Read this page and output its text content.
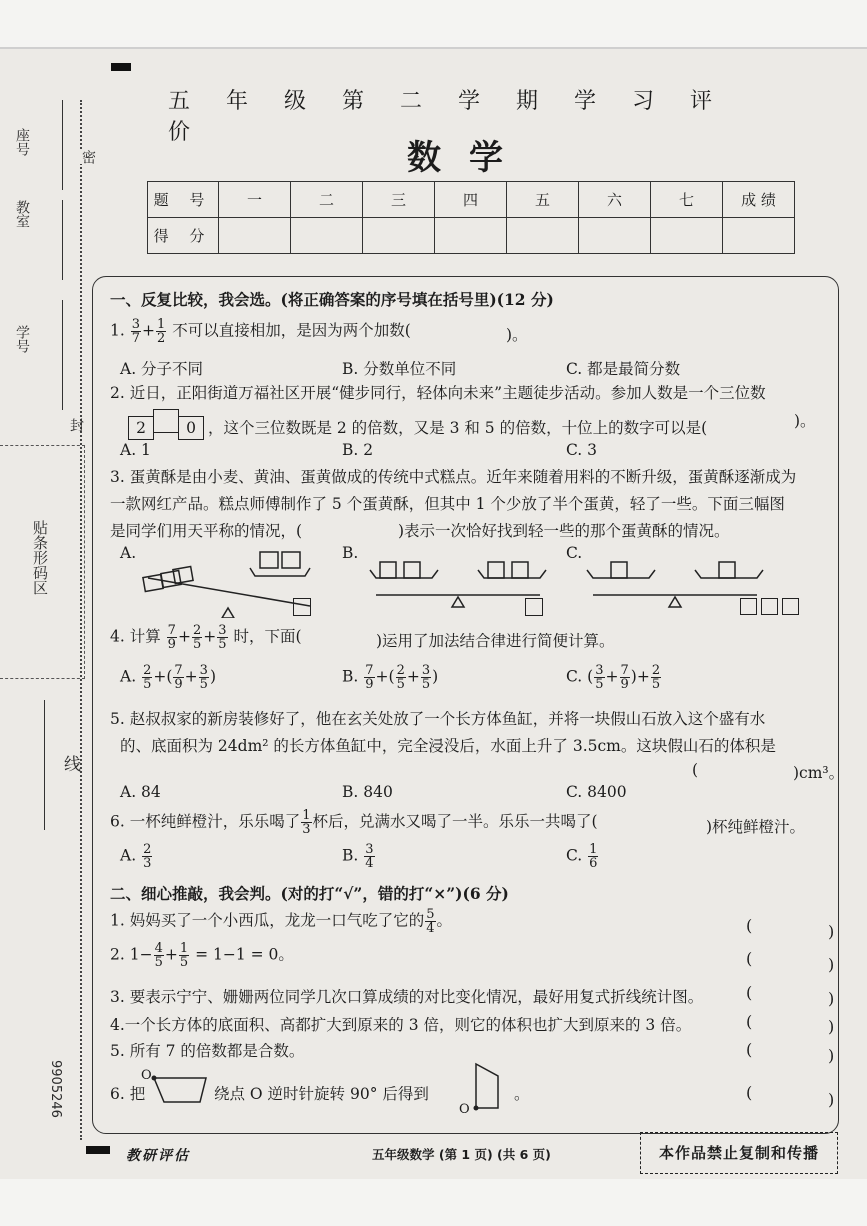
座号
教室
学号
密
封
线
贴条形码区
9905246
五年级第二学期学习评价
数学
题 号	一	二	三	四	五	六	七	成 绩
得 分								
一、反复比较，我会选。(将正确答案的序号填在括号里)(12 分)
1. $\frac{3}{7} + \frac{1}{2}$ 不可以直接相加，是因为两个加数(	)。
A. 分子不同	B. 分数单位不同	C. 都是最简分数
2. 近日，正阳街道万福社区开展“健步同行，轻体向未来”主题徒步活动。参加人数是一个三位数
2	0 ，这个三位数既是 2 的倍数，又是 3 和 5 的倍数，十位上的数字可以是(	)。
A. 1	B. 2	C. 3
3. 蛋黄酥是由小麦、黄油、蛋黄做成的传统中式糕点。近年来随着用料的不断升级，蛋黄酥逐渐成为
一款网红产品。糕点师傅制作了 5 个蛋黄酥，但其中 1 个少放了半个蛋黄，轻了一些。下面三幅图
是同学们用天平称的情况，(	)表示一次恰好找到轻一些的那个蛋黄酥的情况。
A.	B.	C.
4. 计算 $\frac{7}{9} + \frac{2}{5} + \frac{3}{5}$ 时，下面(	)运用了加法结合律进行简便计算。
A. $\frac{2}{5}$ +( $\frac{7}{9} + \frac{3}{5}$ )	B. $\frac{7}{9}$ +( $\frac{2}{5} + \frac{3}{5}$ )	C. ( $\frac{3}{5} + \frac{7}{9}$ )+ $\frac{2}{5}$
5. 赵叔叔家的新房装修好了，他在玄关处放了一个长方体鱼缸，并将一块假山石放入这个盛有水
的、底面积为 24dm² 的长方体鱼缸中，完全浸没后，水面上升了 3.5cm。这块假山石的体积是
(	)cm³。
A. 84	B. 840	C. 8400
6. 一杯纯鲜橙汁，乐乐喝了 $\frac{1}{3}$ 杯后，兑满水又喝了一半。乐乐一共喝了(	)杯纯鲜橙汁。
A. $\frac{2}{3}$	B. $\frac{3}{4}$	C. $\frac{1}{6}$
二、细心推敲，我会判。(对的打“√”，错的打“×”)(6 分)
1. 妈妈买了一个小西瓜，龙龙一口气吃了它的 $\frac{5}{4}$ 。
2. $1- \frac{4}{5} + \frac{1}{5} = 1-1 = 0$。
3. 要表示宁宁、姗姗两位同学几次口算成绩的对比变化情况，最好用复式折线统计图。
4.一个长方体的底面积、高都扩大到原来的 3 倍，则它的体积也扩大到原来的 3 倍。
5. 所有 7 的倍数都是合数。
6. 把
O
绕点 O 逆时针旋转 90° 后得到
O
。
(	)
(	)
(	)
(	)
(	)
(	)
教研评估	五年级数学 (第 1 页) (共 6 页)	本作品禁止复制和传播
